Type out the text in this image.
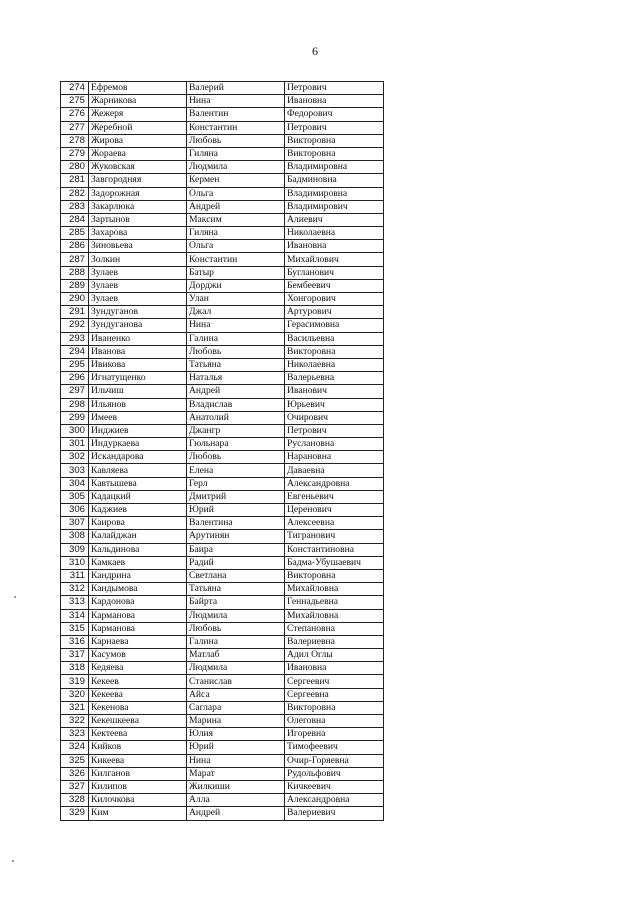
6
274	Ефремов	Валерий	Петрович
275	Жарникова	Нина	Ивановна
276	Жежеря	Валентин	Федорович
277	Жеребной	Константин	Петрович
278	Жирова	Любовь	Викторовна
279	Жораева	Гиляна	Викторовна
280	Жуковская	Людмила	Владимировна
281	Завгородняя	Кермен	Бадминовна
282	Задорожная	Ольга	Владимировна
283	Закарлюка	Андрей	Владимирович
284	Зартынов	Максим	Алиевич
285	Захарова	Гиляна	Николаевна
286	Зиновьева	Ольга	Ивановна
287	Золкин	Константин	Михайлович
288	Зулаев	Батыр	Бугланович
289	Зулаев	Дорджи	Бембеевич
290	Зулаев	Улан	Хонгорович
291	Зундуганов	Джал	Артурович
292	Зундуганова	Нина	Герасимовна
293	Иваненко	Галина	Васильевна
294	Иванова	Любовь	Викторовна
295	Ивикова	Татьяна	Николаевна
296	Игнатущенко	Наталья	Валерьевна
297	Ильчиш	Андрей	Иванович
298	Ильянов	Владислав	Юрьевич
299	Имеев	Анатолий	Очирович
300	Инджиев	Джангр	Петрович
301	Индуркаева	Гюльнара	Руслановна
302	Искандарова	Любовь	Нарановна
303	Кавляева	Елена	Даваевна
304	Кавтышева	Герл	Александровна
305	Кадацкий	Дмитрий	Евгеньевич
306	Каджиев	Юрий	Церенович
307	Каирова	Валентина	Алексеевна
308	Калайджан	Арутинян	Тигранович
309	Кальдинова	Баира	Константиновна
310	Камкаев	Радий	Бадма-Убушаевич
311	Кандрина	Светлана	Викторовна
312	Кандымова	Татьяна	Михайловна
313	Кардонова	Байрта	Геннадьевна
314	Карманова	Людмила	Михайловна
315	Карманова	Любовь	Степановна
316	Карнаева	Галина	Валериевна
317	Касумов	Матлаб	Адил Оглы
318	Кедяева	Людмила	Ивановна
319	Кекеев	Станислав	Сергеевич
320	Кекеева	Айса	Сергеевна
321	Кекенова	Саглара	Викторовна
322	Кекешкеева	Марина	Олеговна
323	Кектеева	Юлия	Игоревна
324	Кийков	Юрий	Тимофеевич
325	Кикеева	Нина	Очир-Горяевна
326	Килганов	Марат	Рудольфович
327	Килипов	Жилкиши	Кичкеевич
328	Килочкова	Алла	Александровна
329	Ким	Андрей	Валериевич
